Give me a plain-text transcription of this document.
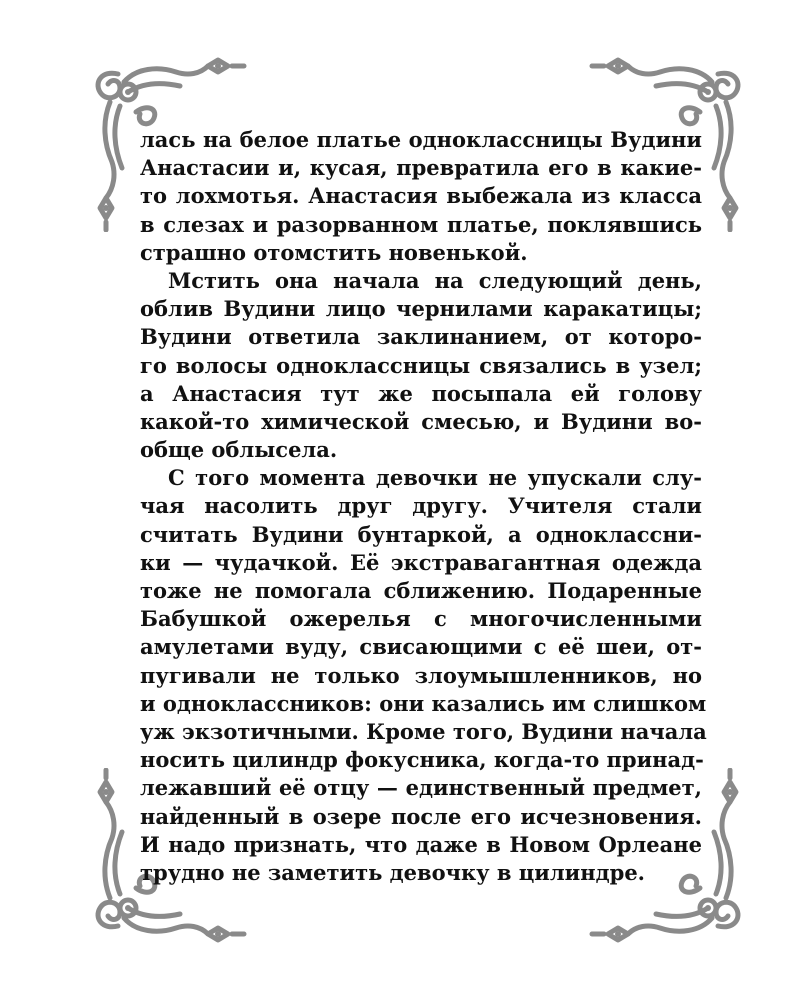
лась на белое платье одноклассницы Вудини
Анастасии и, кусая, превратила его в какие-
то лохмотья. Анастасия выбежала из класса
в слезах и разорванном платье, поклявшись
страшно отомстить новенькой.
Мстить она начала на следующий день,
облив Вудини лицо чернилами каракатицы;
Вудини ответила заклинанием, от которо-
го волосы одноклассницы связались в узел;
а Анастасия тут же посыпала ей голову
какой-то химической смесью, и Вудини во-
обще облысела.
С того момента девочки не упускали слу-
чая насолить друг другу. Учителя стали
считать Вудини бунтаркой, а одноклассни-
ки — чудачкой. Её экстравагантная одежда
тоже не помогала сближению. Подаренные
Бабушкой ожерелья с многочисленными
амулетами вуду, свисающими с её шеи, от-
пугивали не только злоумышленников, но
и одноклассников: они казались им слишком
уж экзотичными. Кроме того, Вудини начала
носить цилиндр фокусника, когда-то принад-
лежавший её отцу — единственный предмет,
найденный в озере после его исчезновения.
И надо признать, что даже в Новом Орлеане
трудно не заметить девочку в цилиндре.
